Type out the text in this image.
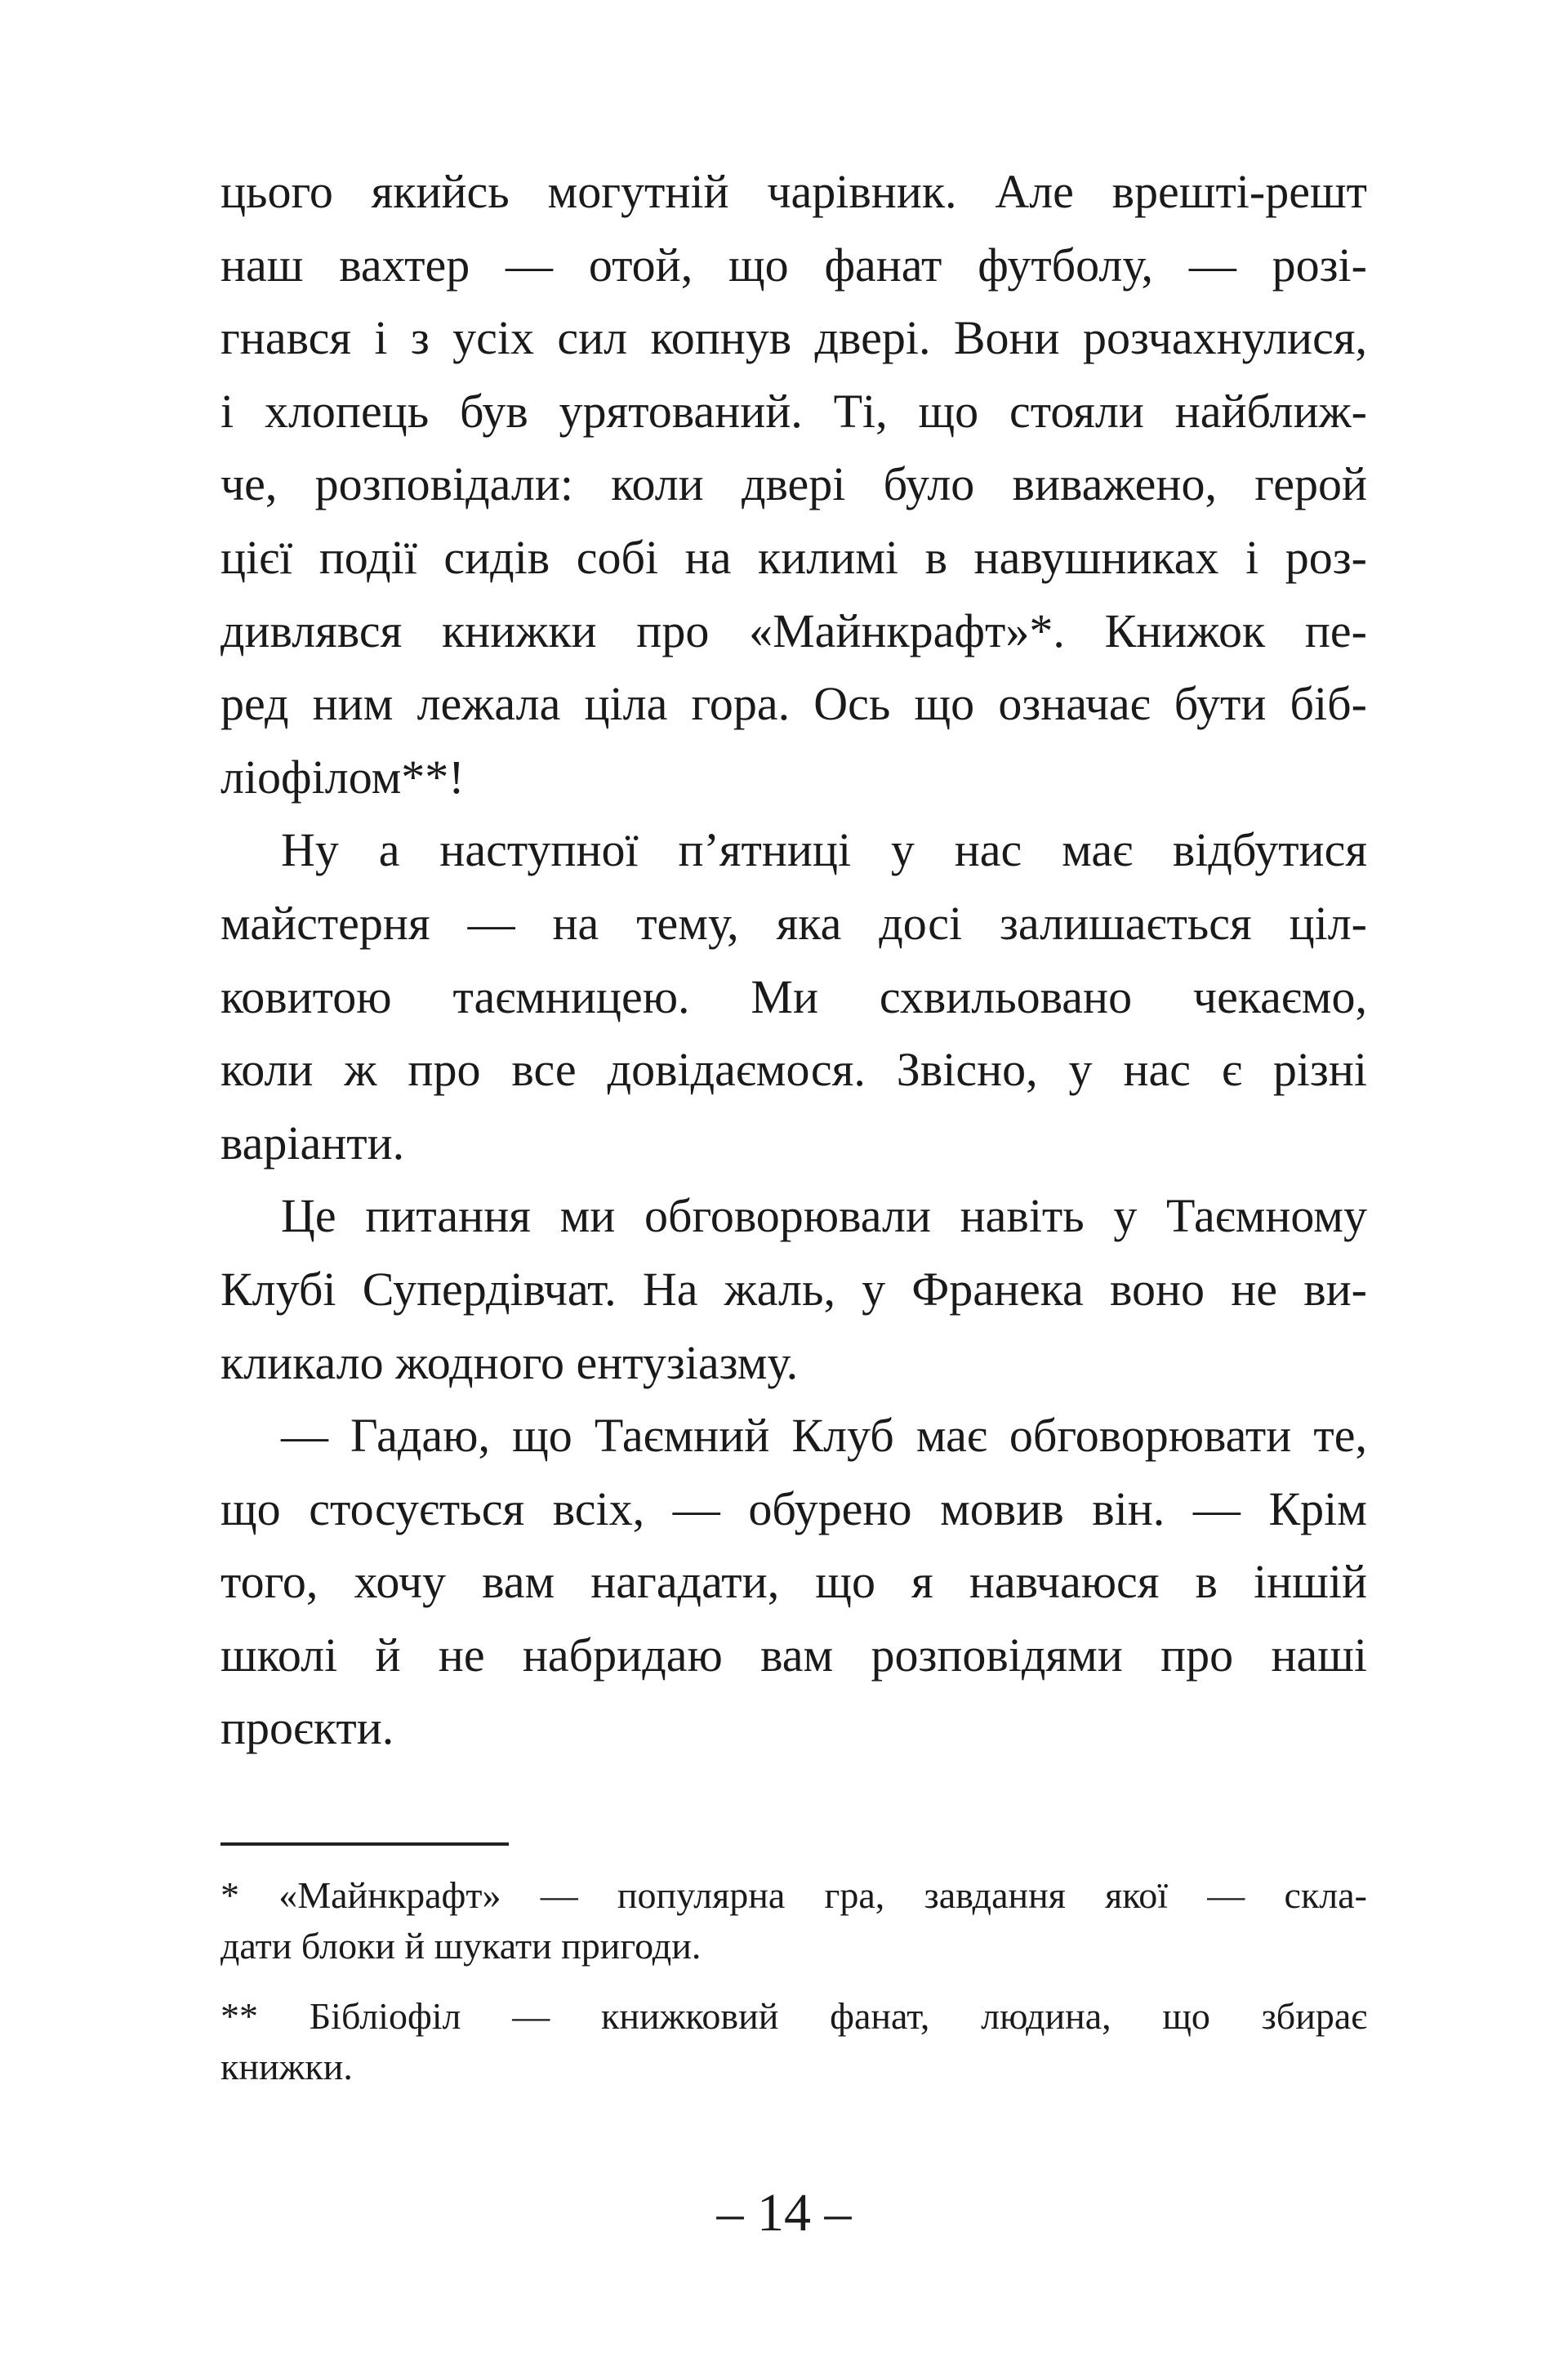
цього якийсь могутній чарівник. Але врешті-решт
наш вахтер — отой, що фанат футболу, — розі-
гнався і з усіх сил копнув двері. Вони розчахнулися,
і хлопець був урятований. Ті, що стояли найближ-
че, розповідали: коли двері було виважено, герой
цієї події сидів собі на килимі в навушниках і роз-
дивлявся книжки про «Майнкрафт»*. Книжок пе-
ред ним лежала ціла гора. Ось що означає бути біб-
ліофілом**!
Ну а наступної п’ятниці у нас має відбутися
майстерня — на тему, яка досі залишається ціл-
ковитою таємницею. Ми схвильовано чекаємо,
коли ж про все довідаємося. Звісно, у нас є різні
варіанти.
Це питання ми обговорювали навіть у Таємному
Клубі Супердівчат. На жаль, у Франека воно не ви-
кликало жодного ентузіазму.
— Гадаю, що Таємний Клуб має обговорювати те,
що стосується всіх, — обурено мовив він. — Крім
того, хочу вам нагадати, що я навчаюся в іншій
школі й не набридаю вам розповідями про наші
проєкти.
* «Майнкрафт» — популярна гра, завдання якої — скла-
дати блоки й шукати пригоди.
** Бібліофіл — книжковий фанат, людина, що збирає
книжки.
– 14 –
